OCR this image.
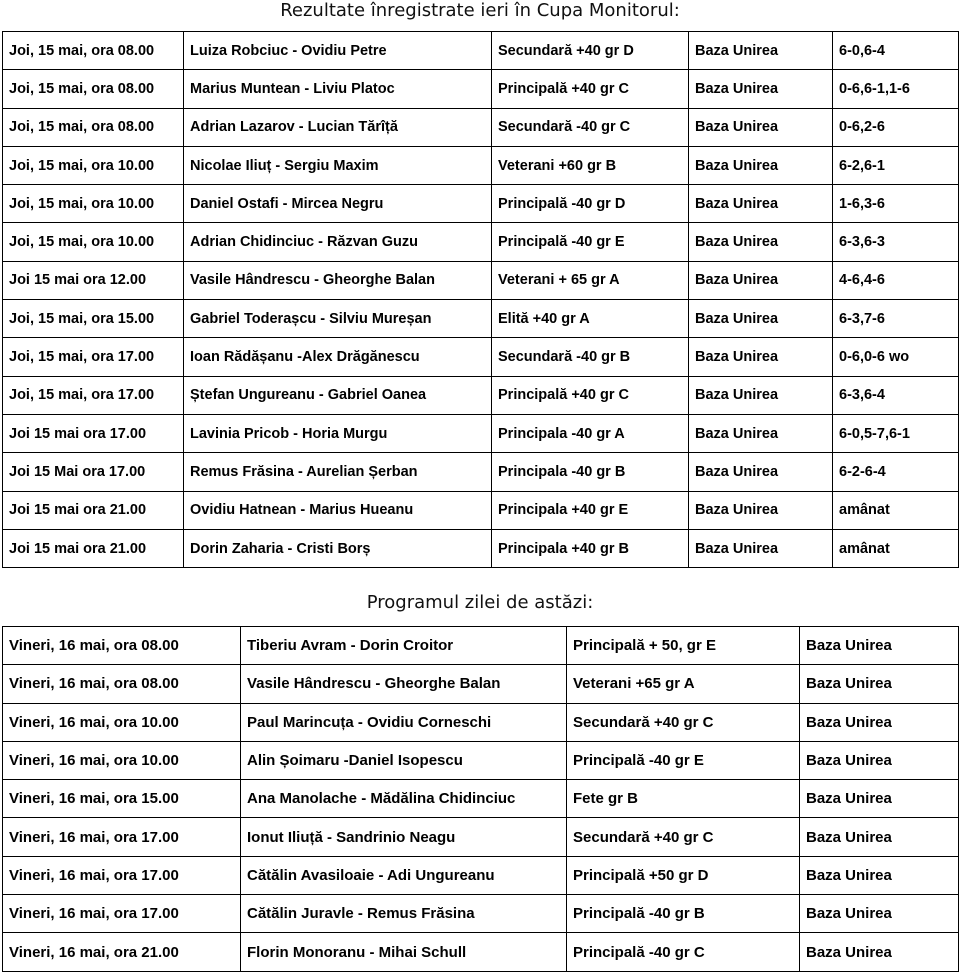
Rezultate înregistrate ieri în Cupa Monitorul:
Joi, 15 mai, ora 08.00	Luiza Robciuc - Ovidiu Petre	Secundară +40 gr D	Baza Unirea	6-0,6-4
Joi, 15 mai, ora 08.00	Marius Muntean - Liviu Platoc	Principală +40 gr C	Baza Unirea	0-6,6-1,1-6
Joi, 15 mai, ora 08.00	Adrian Lazarov - Lucian Tărîță	Secundară -40 gr C	Baza Unirea	0-6,2-6
Joi, 15 mai, ora 10.00	Nicolae Iliuț - Sergiu Maxim	Veterani +60 gr B	Baza Unirea	6-2,6-1
Joi, 15 mai, ora 10.00	Daniel Ostafi - Mircea Negru	Principală -40 gr D	Baza Unirea	1-6,3-6
Joi, 15 mai, ora 10.00	Adrian Chidinciuc - Răzvan Guzu	Principală -40 gr E	Baza Unirea	6-3,6-3
Joi 15 mai ora 12.00	Vasile Hândrescu - Gheorghe Balan	Veterani + 65 gr A	Baza Unirea	4-6,4-6
Joi, 15 mai, ora 15.00	Gabriel Toderașcu - Silviu Mureșan	Elită +40 gr A	Baza Unirea	6-3,7-6
Joi, 15 mai, ora 17.00	Ioan Rădășanu -Alex Drăgănescu	Secundară -40 gr B	Baza Unirea	0-6,0-6 wo
Joi, 15 mai, ora 17.00	Ștefan Ungureanu - Gabriel Oanea	Principală +40 gr C	Baza Unirea	6-3,6-4
Joi 15 mai ora 17.00	Lavinia Pricob - Horia Murgu	Principala -40 gr A	Baza Unirea	6-0,5-7,6-1
Joi 15 Mai ora 17.00	Remus Frăsina - Aurelian Șerban	Principala -40 gr B	Baza Unirea	6-2-6-4
Joi 15 mai ora 21.00	Ovidiu Hatnean - Marius Hueanu	Principala +40 gr E	Baza Unirea	amânat
Joi 15 mai ora 21.00	Dorin Zaharia - Cristi Borș	Principala +40 gr B	Baza Unirea	amânat
Programul zilei de astăzi:
Vineri, 16 mai, ora 08.00	Tiberiu Avram - Dorin Croitor	Principală + 50, gr E	Baza Unirea
Vineri, 16 mai, ora 08.00	Vasile Hândrescu - Gheorghe Balan	Veterani +65 gr A	Baza Unirea
Vineri, 16 mai, ora 10.00	Paul Marincuța - Ovidiu Corneschi	Secundară +40 gr C	Baza Unirea
Vineri, 16 mai, ora 10.00	Alin Șoimaru -Daniel Isopescu	Principală -40 gr E	Baza Unirea
Vineri, 16 mai, ora 15.00	Ana Manolache - Mădălina Chidinciuc	Fete gr B	Baza Unirea
Vineri, 16 mai, ora 17.00	Ionut Iliuță - Sandrinio Neagu	Secundară +40 gr C	Baza Unirea
Vineri, 16 mai, ora 17.00	Cătălin Avasiloaie - Adi Ungureanu	Principală +50 gr D	Baza Unirea
Vineri, 16 mai, ora 17.00	Cătălin Juravle - Remus Frăsina	Principală -40 gr B	Baza Unirea
Vineri, 16 mai, ora 21.00	Florin Monoranu - Mihai Schull	Principală -40 gr C	Baza Unirea
